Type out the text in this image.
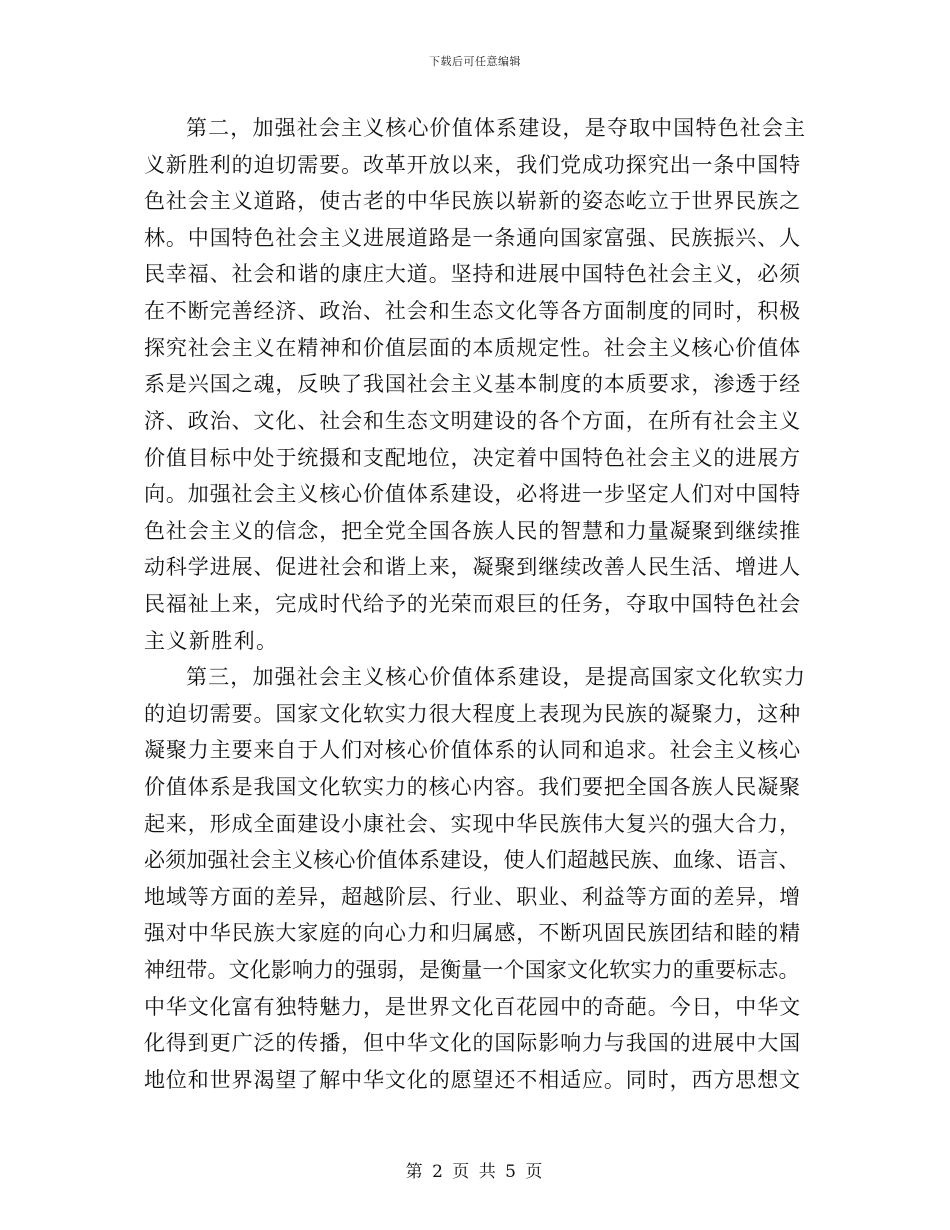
下载后可任意编辑
第二，加强社会主义核心价值体系建设，是夺取中国特色社会主
义新胜利的迫切需要。改革开放以来，我们党成功探究出一条中国特
色社会主义道路，使古老的中华民族以崭新的姿态屹立于世界民族之
林。中国特色社会主义进展道路是一条通向国家富强、民族振兴、人
民幸福、社会和谐的康庄大道。坚持和进展中国特色社会主义，必须
在不断完善经济、政治、社会和生态文化等各方面制度的同时，积极
探究社会主义在精神和价值层面的本质规定性。社会主义核心价值体
系是兴国之魂，反映了我国社会主义基本制度的本质要求，渗透于经
济、政治、文化、社会和生态文明建设的各个方面，在所有社会主义
价值目标中处于统摄和支配地位，决定着中国特色社会主义的进展方
向。加强社会主义核心价值体系建设，必将进一步坚定人们对中国特
色社会主义的信念，把全党全国各族人民的智慧和力量凝聚到继续推
动科学进展、促进社会和谐上来，凝聚到继续改善人民生活、增进人
民福祉上来，完成时代给予的光荣而艰巨的任务，夺取中国特色社会
主义新胜利。
第三，加强社会主义核心价值体系建设，是提高国家文化软实力
的迫切需要。国家文化软实力很大程度上表现为民族的凝聚力，这种
凝聚力主要来自于人们对核心价值体系的认同和追求。社会主义核心
价值体系是我国文化软实力的核心内容。我们要把全国各族人民凝聚
起来，形成全面建设小康社会、实现中华民族伟大复兴的强大合力，
必须加强社会主义核心价值体系建设，使人们超越民族、血缘、语言、
地域等方面的差异，超越阶层、行业、职业、利益等方面的差异，增
强对中华民族大家庭的向心力和归属感，不断巩固民族团结和睦的精
神纽带。文化影响力的强弱，是衡量一个国家文化软实力的重要标志。
中华文化富有独特魅力，是世界文化百花园中的奇葩。今日，中华文
化得到更广泛的传播，但中华文化的国际影响力与我国的进展中大国
地位和世界渴望了解中华文化的愿望还不相适应。同时，西方思想文
第 2 页 共 5 页
